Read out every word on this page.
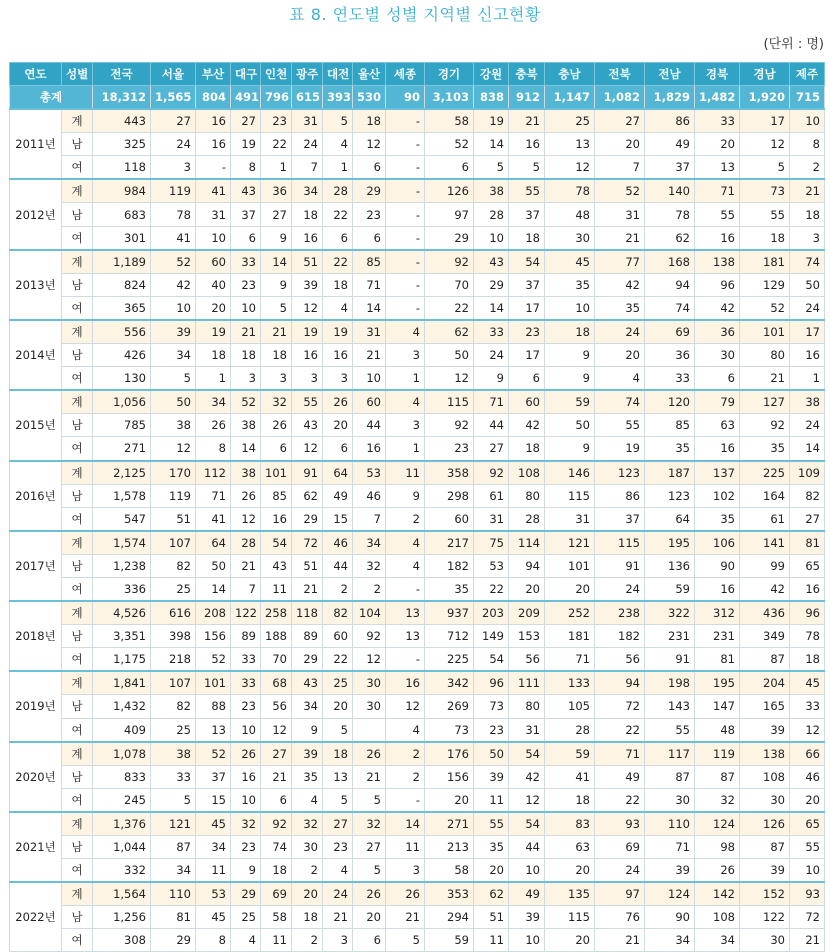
표 8. 연도별 성별 지역별 신고현황
(단위 : 명)
연도	성별	전국	서울	부산	대구	인천	광주	대전	울산	세종	경기	강원	충북	충남	전북	전남	경북	경남	제주
총계		18,312	1,565	804	491	796	615	393	530	90	3,103	838	912	1,147	1,082	1,829	1,482	1,920	715
2011년	계	443	27	16	27	23	31	5	18	-	58	19	21	25	27	86	33	17	10
	남	325	24	16	19	22	24	4	12	-	52	14	16	13	20	49	20	12	8
	여	118	3	-	8	1	7	1	6	-	6	5	5	12	7	37	13	5	2
2012년	계	984	119	41	43	36	34	28	29	-	126	38	55	78	52	140	71	73	21
	남	683	78	31	37	27	18	22	23	-	97	28	37	48	31	78	55	55	18
	여	301	41	10	6	9	16	6	6	-	29	10	18	30	21	62	16	18	3
2013년	계	1,189	52	60	33	14	51	22	85	-	92	43	54	45	77	168	138	181	74
	남	824	42	40	23	9	39	18	71	-	70	29	37	35	42	94	96	129	50
	여	365	10	20	10	5	12	4	14	-	22	14	17	10	35	74	42	52	24
2014년	계	556	39	19	21	21	19	19	31	4	62	33	23	18	24	69	36	101	17
	남	426	34	18	18	18	16	16	21	3	50	24	17	9	20	36	30	80	16
	여	130	5	1	3	3	3	3	10	1	12	9	6	9	4	33	6	21	1
2015년	계	1,056	50	34	52	32	55	26	60	4	115	71	60	59	74	120	79	127	38
	남	785	38	26	38	26	43	20	44	3	92	44	42	50	55	85	63	92	24
	여	271	12	8	14	6	12	6	16	1	23	27	18	9	19	35	16	35	14
2016년	계	2,125	170	112	38	101	91	64	53	11	358	92	108	146	123	187	137	225	109
	남	1,578	119	71	26	85	62	49	46	9	298	61	80	115	86	123	102	164	82
	여	547	51	41	12	16	29	15	7	2	60	31	28	31	37	64	35	61	27
2017년	계	1,574	107	64	28	54	72	46	34	4	217	75	114	121	115	195	106	141	81
	남	1,238	82	50	21	43	51	44	32	4	182	53	94	101	91	136	90	99	65
	여	336	25	14	7	11	21	2	2	-	35	22	20	20	24	59	16	42	16
2018년	계	4,526	616	208	122	258	118	82	104	13	937	203	209	252	238	322	312	436	96
	남	3,351	398	156	89	188	89	60	92	13	712	149	153	181	182	231	231	349	78
	여	1,175	218	52	33	70	29	22	12	-	225	54	56	71	56	91	81	87	18
2019년	계	1,841	107	101	33	68	43	25	30	16	342	96	111	133	94	198	195	204	45
	남	1,432	82	88	23	56	34	20	30	12	269	73	80	105	72	143	147	165	33
	여	409	25	13	10	12	9	5		4	73	23	31	28	22	55	48	39	12
2020년	계	1,078	38	52	26	27	39	18	26	2	176	50	54	59	71	117	119	138	66
	남	833	33	37	16	21	35	13	21	2	156	39	42	41	49	87	87	108	46
	여	245	5	15	10	6	4	5	5	-	20	11	12	18	22	30	32	30	20
2021년	계	1,376	121	45	32	92	32	27	32	14	271	55	54	83	93	110	124	126	65
	남	1,044	87	34	23	74	30	23	27	11	213	35	44	63	69	71	98	87	55
	여	332	34	11	9	18	2	4	5	3	58	20	10	20	24	39	26	39	10
2022년	계	1,564	110	53	29	69	20	24	26	26	353	62	49	135	97	124	142	152	93
	남	1,256	81	45	25	58	18	21	20	21	294	51	39	115	76	90	108	122	72
	여	308	29	8	4	11	2	3	6	5	59	11	10	20	21	34	34	30	21
